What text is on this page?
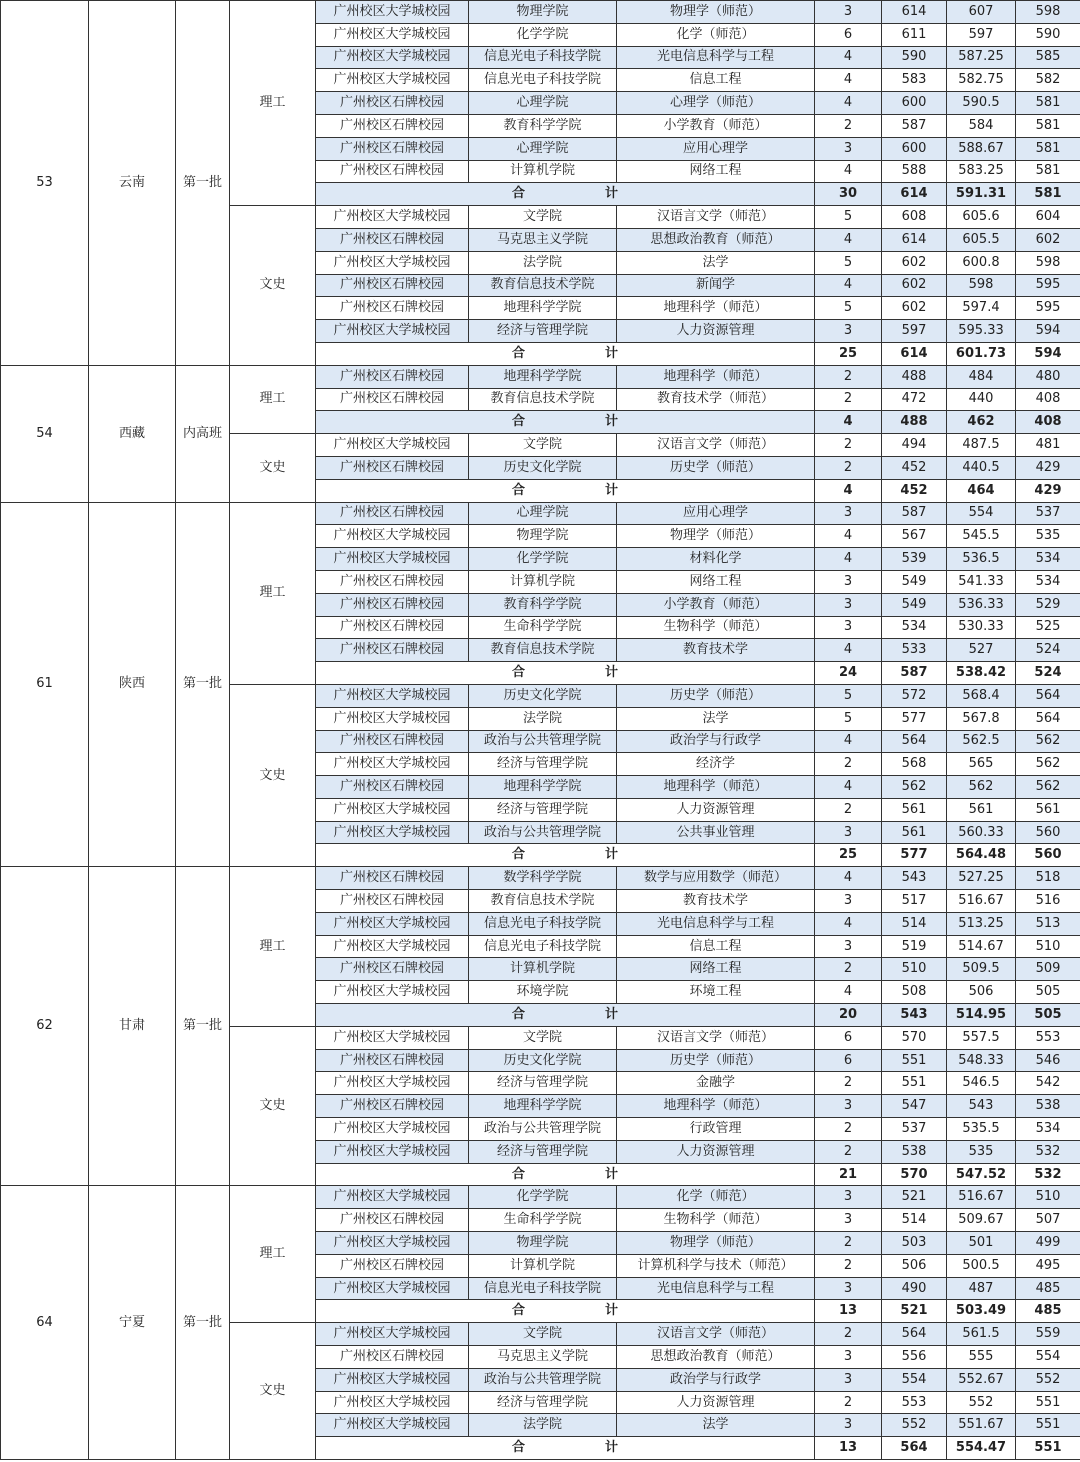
53	云南	第一批	理工	广州校区大学城校园	物理学院	物理学（师范）	3	614	607	598
				广州校区大学城校园	化学学院	化学（师范）	6	611	597	590
				广州校区大学城校园	信息光电子科技学院	光电信息科学与工程	4	590	587.25	585
				广州校区大学城校园	信息光电子科技学院	信息工程	4	583	582.75	582
				广州校区石牌校园	心理学院	心理学（师范）	4	600	590.5	581
				广州校区石牌校园	教育科学学院	小学教育（师范）	2	587	584	581
				广州校区石牌校园	心理学院	应用心理学	3	600	588.67	581
				广州校区石牌校园	计算机学院	网络工程	4	588	583.25	581
				合 计			30	614	591.31	581
			文史	广州校区大学城校园	文学院	汉语言文学（师范）	5	608	605.6	604
				广州校区石牌校园	马克思主义学院	思想政治教育（师范）	4	614	605.5	602
				广州校区大学城校园	法学院	法学	5	602	600.8	598
				广州校区石牌校园	教育信息技术学院	新闻学	4	602	598	595
				广州校区石牌校园	地理科学学院	地理科学（师范）	5	602	597.4	595
				广州校区大学城校园	经济与管理学院	人力资源管理	3	597	595.33	594
				合 计			25	614	601.73	594
54	西藏	内高班	理工	广州校区石牌校园	地理科学学院	地理科学（师范）	2	488	484	480
				广州校区石牌校园	教育信息技术学院	教育技术学（师范）	2	472	440	408
				合 计			4	488	462	408
			文史	广州校区大学城校园	文学院	汉语言文学（师范）	2	494	487.5	481
				广州校区石牌校园	历史文化学院	历史学（师范）	2	452	440.5	429
				合 计			4	452	464	429
61	陕西	第一批	理工	广州校区石牌校园	心理学院	应用心理学	3	587	554	537
				广州校区大学城校园	物理学院	物理学（师范）	4	567	545.5	535
				广州校区大学城校园	化学学院	材料化学	4	539	536.5	534
				广州校区石牌校园	计算机学院	网络工程	3	549	541.33	534
				广州校区石牌校园	教育科学学院	小学教育（师范）	3	549	536.33	529
				广州校区石牌校园	生命科学学院	生物科学（师范）	3	534	530.33	525
				广州校区石牌校园	教育信息技术学院	教育技术学	4	533	527	524
				合 计			24	587	538.42	524
			文史	广州校区大学城校园	历史文化学院	历史学（师范）	5	572	568.4	564
				广州校区大学城校园	法学院	法学	5	577	567.8	564
				广州校区石牌校园	政治与公共管理学院	政治学与行政学	4	564	562.5	562
				广州校区大学城校园	经济与管理学院	经济学	2	568	565	562
				广州校区石牌校园	地理科学学院	地理科学（师范）	4	562	562	562
				广州校区大学城校园	经济与管理学院	人力资源管理	2	561	561	561
				广州校区大学城校园	政治与公共管理学院	公共事业管理	3	561	560.33	560
				合 计			25	577	564.48	560
62	甘肃	第一批	理工	广州校区石牌校园	数学科学学院	数学与应用数学（师范）	4	543	527.25	518
				广州校区石牌校园	教育信息技术学院	教育技术学	3	517	516.67	516
				广州校区大学城校园	信息光电子科技学院	光电信息科学与工程	4	514	513.25	513
				广州校区大学城校园	信息光电子科技学院	信息工程	3	519	514.67	510
				广州校区石牌校园	计算机学院	网络工程	2	510	509.5	509
				广州校区大学城校园	环境学院	环境工程	4	508	506	505
				合 计			20	543	514.95	505
			文史	广州校区大学城校园	文学院	汉语言文学（师范）	6	570	557.5	553
				广州校区石牌校园	历史文化学院	历史学（师范）	6	551	548.33	546
				广州校区大学城校园	经济与管理学院	金融学	2	551	546.5	542
				广州校区石牌校园	地理科学学院	地理科学（师范）	3	547	543	538
				广州校区大学城校园	政治与公共管理学院	行政管理	2	537	535.5	534
				广州校区大学城校园	经济与管理学院	人力资源管理	2	538	535	532
				合 计			21	570	547.52	532
64	宁夏	第一批	理工	广州校区大学城校园	化学学院	化学（师范）	3	521	516.67	510
				广州校区石牌校园	生命科学学院	生物科学（师范）	3	514	509.67	507
				广州校区大学城校园	物理学院	物理学（师范）	2	503	501	499
				广州校区石牌校园	计算机学院	计算机科学与技术（师范）	2	506	500.5	495
				广州校区大学城校园	信息光电子科技学院	光电信息科学与工程	3	490	487	485
				合 计			13	521	503.49	485
			文史	广州校区大学城校园	文学院	汉语言文学（师范）	2	564	561.5	559
				广州校区石牌校园	马克思主义学院	思想政治教育（师范）	3	556	555	554
				广州校区大学城校园	政治与公共管理学院	政治学与行政学	3	554	552.67	552
				广州校区大学城校园	经济与管理学院	人力资源管理	2	553	552	551
				广州校区大学城校园	法学院	法学	3	552	551.67	551
				合 计			13	564	554.47	551
